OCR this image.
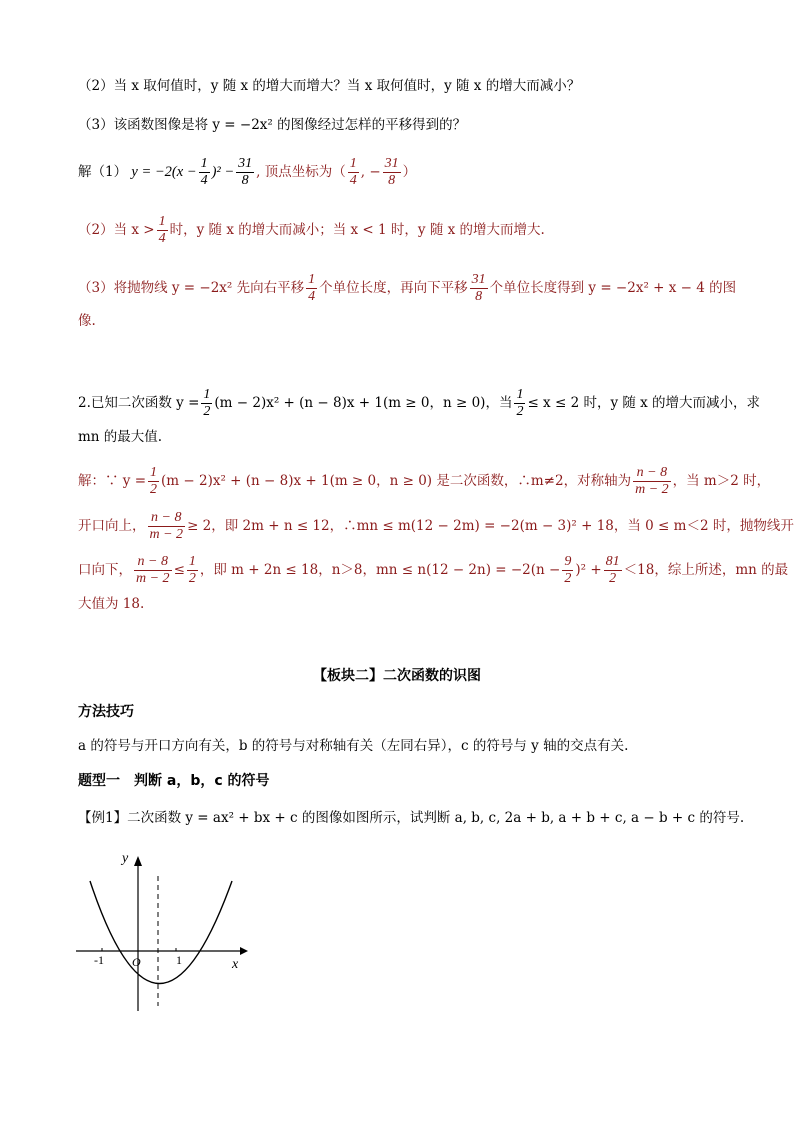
（2）当 x 取何值时，y 随 x 的增大而增大？当 x 取何值时，y 随 x 的增大而减小？
（3）该函数图像是将 y = −2x² 的图像经过怎样的平移得到的？
解（1） $y = -2(x - \frac{1}{4} )^2 - \frac{31}{8}$ , 顶点坐标为（ $\frac{1}{4}$ , − $\frac{31}{8}$ ）
（2）当 $x > \frac{1}{4}$ 时，y 随 x 的增大而减小；当 x < 1 时，y 随 x 的增大而增大.
（3）将抛物线 y = −2x² 先向右平移 $\frac{1}{4}$ 个单位长度，再向下平移 $\frac{31}{8}$ 个单位长度得到 y = −2x² + x − 4 的图
像.
2.已知二次函数 $y = \frac{1}{2} (m - 2)x^2 + (n - 8)x + 1(m \ge 0$，n ≥ 0)，当 $\frac{1}{2} \le x \le 2$ 时，y 随 x 的增大而减小，求
mn 的最大值.
解：∵ $y = \frac{1}{2} (m - 2)x^2 + (n - 8)x + 1(m \ge 0$，n ≥ 0) 是二次函数，∴m≠2，对称轴为 $\frac{n - 8}{m - 2}$ ，当 m＞2 时，
开口向上， $\frac{n - 8}{m - 2} \ge 2$，即 2m + n ≤ 12，∴mn ≤ m(12 − 2m) = −2(m − 3)² + 18，当 0 ≤ m＜2 时，抛物线开
口向下， $\frac{n - 8}{m - 2} \le \frac{1}{2}$ ，即 m + 2n ≤ 18，n＞8，mn ≤ $n(12 - 2n) = -2(n - \frac{9}{2} )^2 + \frac{81}{2} <18$，综上所述，mn 的最
大值为 18.
【板块二】二次函数的识图
方法技巧
a 的符号与开口方向有关，b 的符号与对称轴有关（左同右异），c 的符号与 y 轴的交点有关.
题型一　判断 a，b，c 的符号
【例1】二次函数 y = ax² + bx + c 的图像如图所示，试判断 a, b, c, 2a + b, a + b + c, a − b + c 的符号.
y
x
O
-1	1
